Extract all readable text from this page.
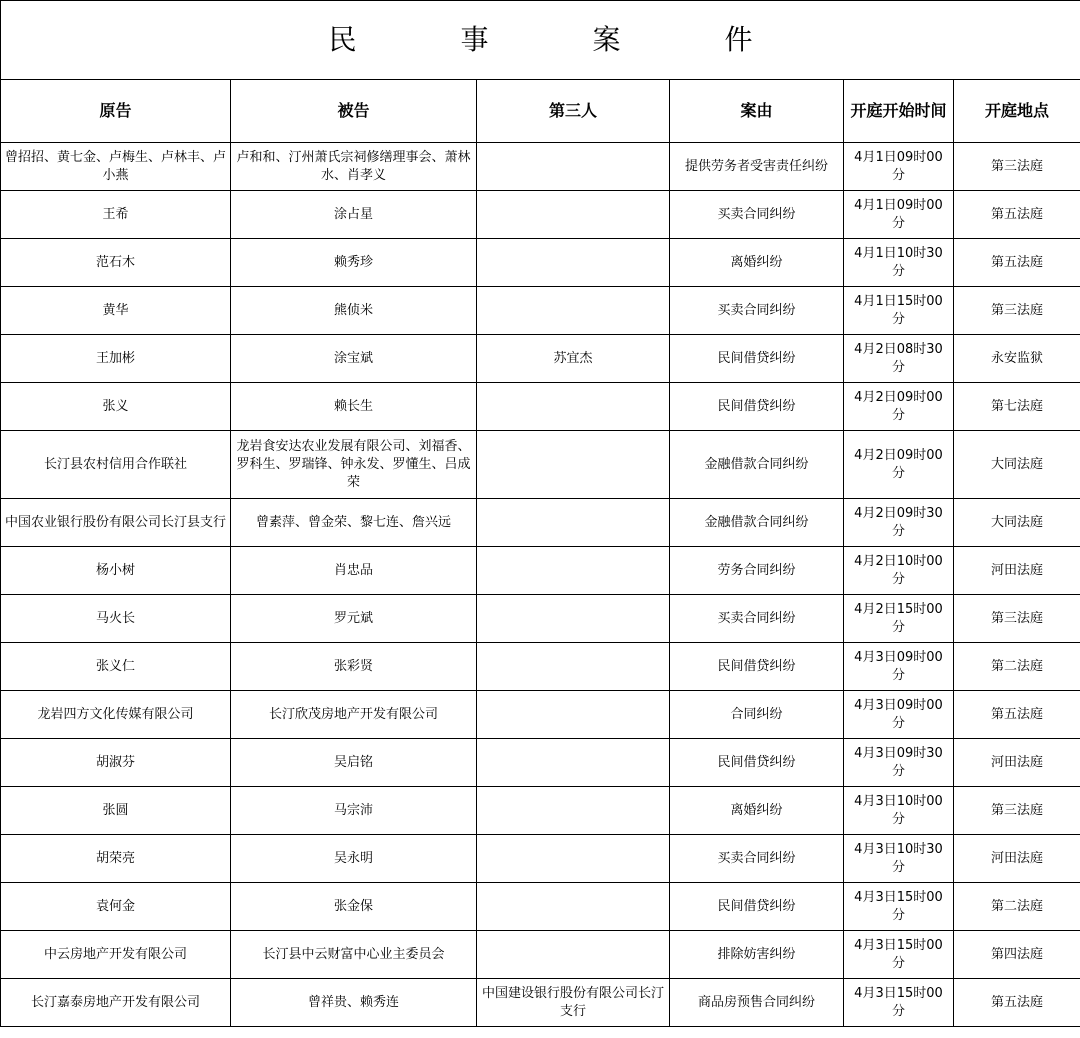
民 事 案 件					

原告	被告	第三人	案由	开庭开始时间	开庭地点
曾招招、黄七金、卢梅生、卢林丰、卢小燕	卢和和、汀州萧氏宗祠修缮理事会、萧林水、肖孝义		提供劳务者受害责任纠纷	4月1日09时00分	第三法庭
王希	涂占星		买卖合同纠纷	4月1日09时00分	第五法庭
范石木	赖秀珍		离婚纠纷	4月1日10时30分	第五法庭
黄华	熊侦米		买卖合同纠纷	4月1日15时00分	第三法庭
王加彬	涂宝斌	苏宜杰	民间借贷纠纷	4月2日08时30分	永安监狱
张义	赖长生		民间借贷纠纷	4月2日09时00分	第七法庭
长汀县农村信用合作联社	龙岩食安达农业发展有限公司、刘福香、罗科生、罗瑞锋、钟永发、罗懂生、吕成荣		金融借款合同纠纷	4月2日09时00分	大同法庭
中国农业银行股份有限公司长汀县支行	曾素萍、曾金荣、黎七连、詹兴远		金融借款合同纠纷	4月2日09时30分	大同法庭
杨小树	肖忠品		劳务合同纠纷	4月2日10时00分	河田法庭
马火长	罗元斌		买卖合同纠纷	4月2日15时00分	第三法庭
张义仁	张彩贤		民间借贷纠纷	4月3日09时00分	第二法庭
龙岩四方文化传媒有限公司	长汀欣茂房地产开发有限公司		合同纠纷	4月3日09时00分	第五法庭
胡淑芬	吴启铭		民间借贷纠纷	4月3日09时30分	河田法庭
张圆	马宗沛		离婚纠纷	4月3日10时00分	第三法庭
胡荣亮	吴永明		买卖合同纠纷	4月3日10时30分	河田法庭
袁何金	张金保		民间借贷纠纷	4月3日15时00分	第二法庭
中云房地产开发有限公司	长汀县中云财富中心业主委员会		排除妨害纠纷	4月3日15时00分	第四法庭
长汀嘉泰房地产开发有限公司	曾祥贵、赖秀连	中国建设银行股份有限公司长汀支行	商品房预售合同纠纷	4月3日15时00分	第五法庭
